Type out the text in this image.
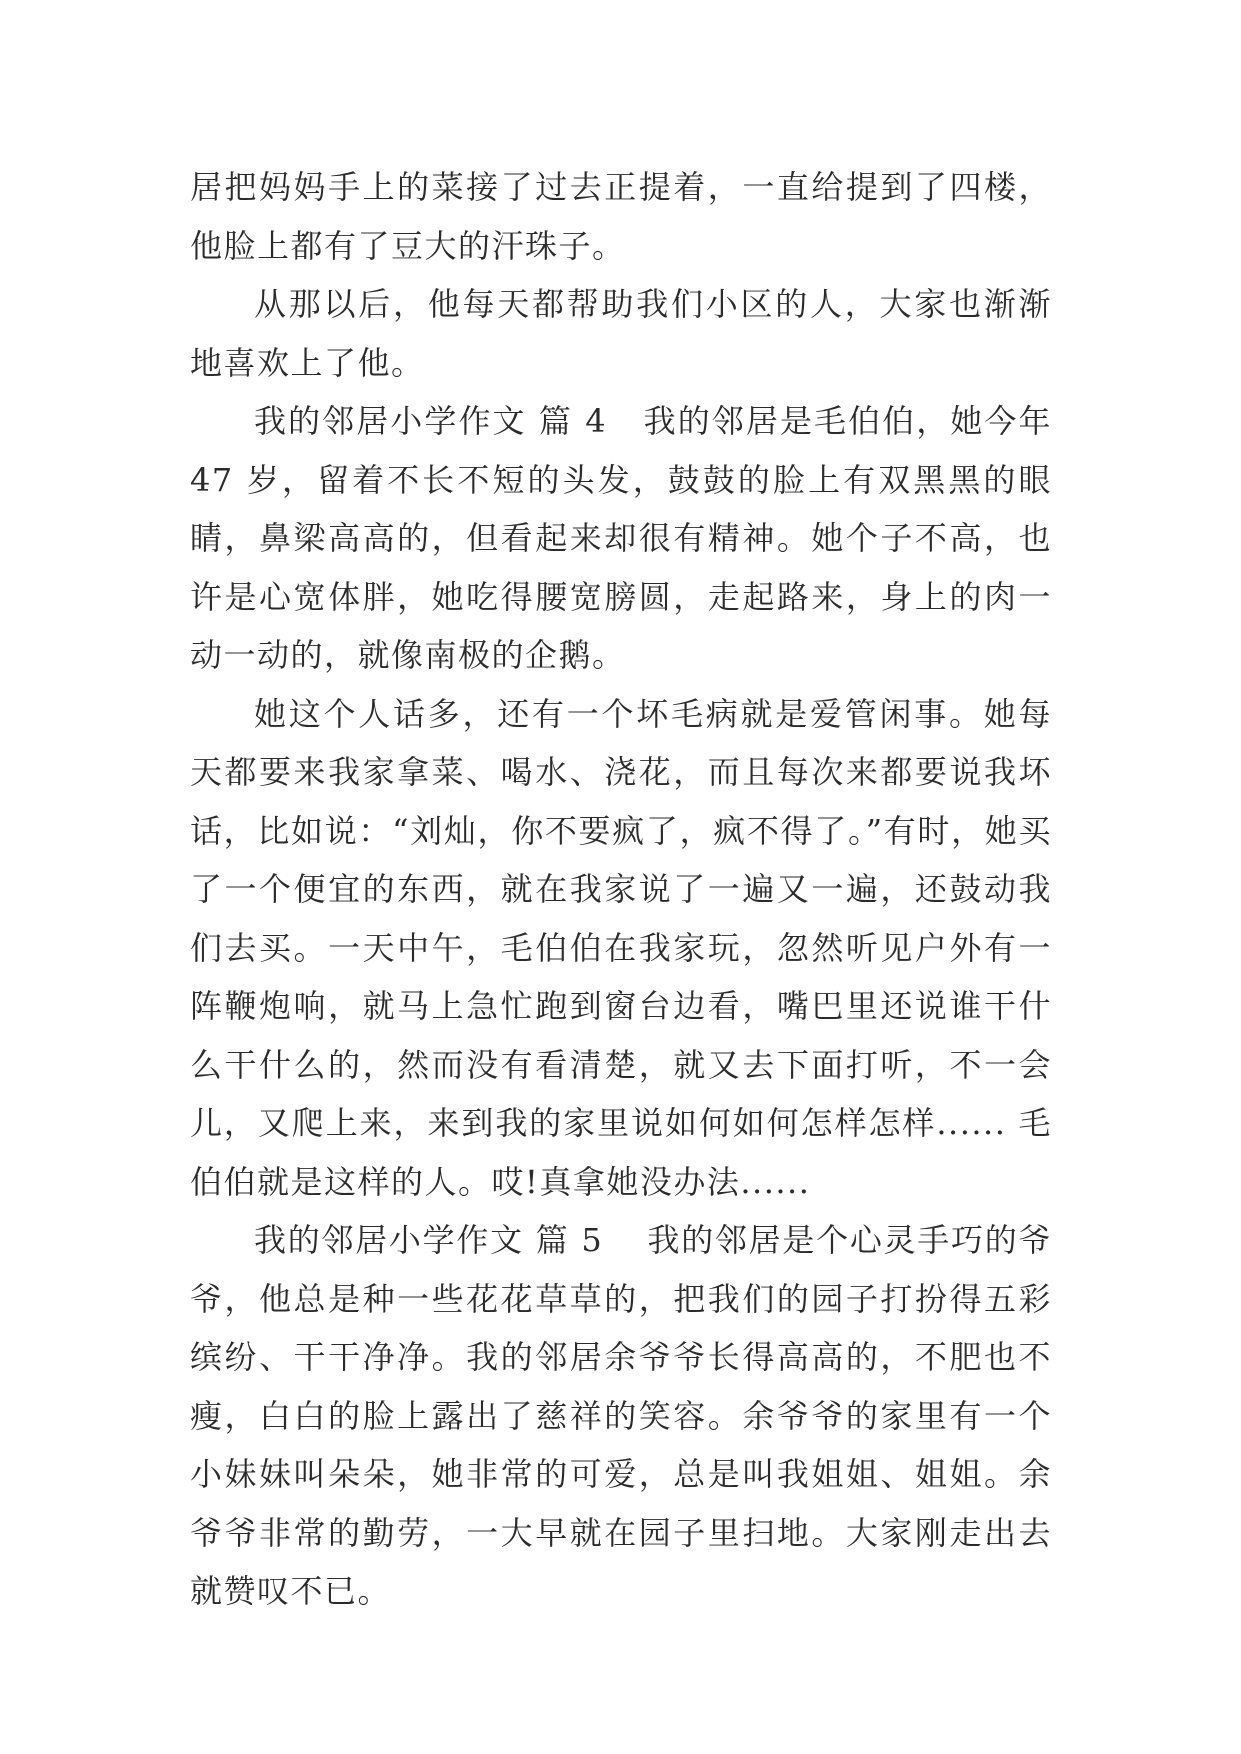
居把妈妈手上的菜接了过去正提着，一直给提到了四楼，他脸上都有了豆大的汗珠子。

从那以后，他每天都帮助我们小区的人，大家也渐渐地喜欢上了他。

我的邻居小学作文 篇 4 我的邻居是毛伯伯，她今年 47 岁，留着不长不短的头发，鼓鼓的脸上有双黑黑的眼睛，鼻梁高高的，但看起来却很有精神。她个子不高，也许是心宽体胖，她吃得腰宽膀圆，走起路来，身上的肉一动一动的，就像南极的企鹅。

她这个人话多，还有一个坏毛病就是爱管闲事。她每天都要来我家拿菜、喝水、浇花，而且每次来都要说我坏话，比如说：“刘灿，你不要疯了，疯不得了。”有时，她买了一个便宜的东西，就在我家说了一遍又一遍，还鼓动我们去买。一天中午，毛伯伯在我家玩，忽然听见户外有一阵鞭炮响，就马上急忙跑到窗台边看，嘴巴里还说谁干什么干什么的，然而没有看清楚，就又去下面打听，不一会儿，又爬上来，来到我的家里说如何如何怎样怎样...... 毛伯伯就是这样的人。哎!真拿她没办法......

我的邻居小学作文 篇 5 我的邻居是个心灵手巧的爷爷，他总是种一些花花草草的，把我们的园子打扮得五彩缤纷、干干净净。我的邻居余爷爷长得高高的，不肥也不瘦，白白的脸上露出了慈祥的笑容。余爷爷的家里有一个小妹妹叫朵朵，她非常的可爱，总是叫我姐姐、姐姐。余爷爷非常的勤劳，一大早就在园子里扫地。大家刚走出去就赞叹不已。
